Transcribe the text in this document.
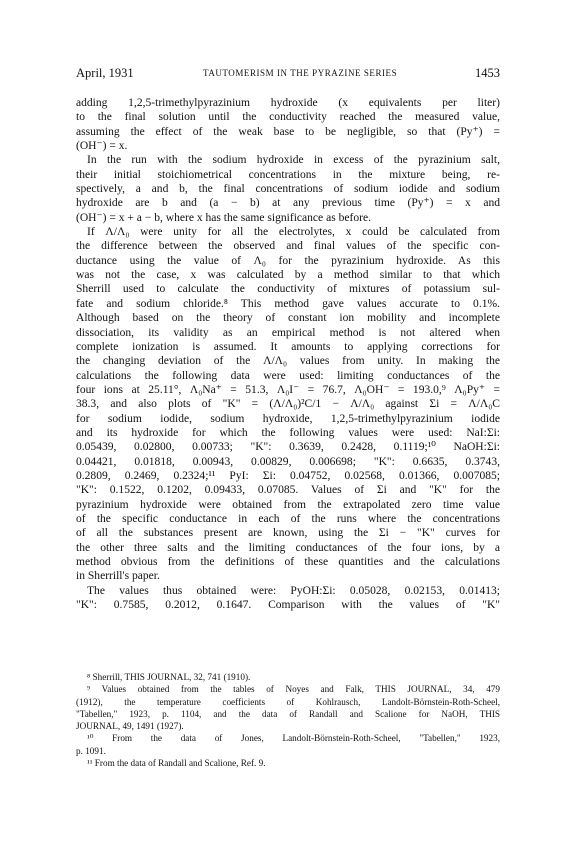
April, 1931	TAUTOMERISM IN THE PYRAZINE SERIES	1453
adding 1,2,5-trimethylpyrazinium hydroxide (x equivalents per liter)
to the final solution until the conductivity reached the measured value,
assuming the effect of the weak base to be negligible, so that (Py⁺) =
(OH⁻) = x.
In the run with the sodium hydroxide in excess of the pyrazinium salt,
their initial stoichiometrical concentrations in the mixture being, re-
spectively, a and b, the final concentrations of sodium iodide and sodium
hydroxide are b and (a − b) at any previous time (Py⁺) = x and
(OH⁻) = x + a − b, where x has the same significance as before.
If Λ/Λ₀ were unity for all the electrolytes, x could be calculated from
the difference between the observed and final values of the specific con-
ductance using the value of Λ₀ for the pyrazinium hydroxide. As this
was not the case, x was calculated by a method similar to that which
Sherrill used to calculate the conductivity of mixtures of potassium sul-
fate and sodium chloride.⁸ This method gave values accurate to 0.1%.
Although based on the theory of constant ion mobility and incomplete
dissociation, its validity as an empirical method is not altered when
complete ionization is assumed. It amounts to applying corrections for
the changing deviation of the Λ/Λ₀ values from unity. In making the
calculations the following data were used: limiting conductances of the
four ions at 25.11°, Λ₀Na⁺ = 51.3, Λ₀I⁻ = 76.7, Λ₀OH⁻ = 193.0,⁹ Λ₀Py⁺ =
38.3, and also plots of "K" = (Λ/Λ₀)²C/1 − Λ/Λ₀ against Σi = Λ/Λ₀C
for sodium iodide, sodium hydroxide, 1,2,5-trimethylpyrazinium iodide
and its hydroxide for which the following values were used: NaI:Σi:
0.05439, 0.02800, 0.00733; "K": 0.3639, 0.2428, 0.1119;¹⁰ NaOH:Σi:
0.04421, 0.01818, 0.00943, 0.00829, 0.006698; "K": 0.6635, 0.3743,
0.2809, 0.2469, 0.2324;¹¹ PyI: Σi: 0.04752, 0.02568, 0.01366, 0.007085;
"K": 0.1522, 0.1202, 0.09433, 0.07085. Values of Σi and "K" for the
pyrazinium hydroxide were obtained from the extrapolated zero time value
of the specific conductance in each of the runs where the concentrations
of all the substances present are known, using the Σi − "K" curves for
the other three salts and the limiting conductances of the four ions, by a
method obvious from the definitions of these quantities and the calculations
in Sherrill's paper.
The values thus obtained were: PyOH:Σi: 0.05028, 0.02153, 0.01413;
"K": 0.7585, 0.2012, 0.1647. Comparison with the values of "K"
⁸ Sherrill, THIS JOURNAL, 32, 741 (1910).
⁹ Values obtained from the tables of Noyes and Falk, THIS JOURNAL, 34, 479
(1912), the temperature coefficients of Kohlrausch, Landolt-Börnstein-Roth-Scheel,
"Tabellen," 1923, p. 1104, and the data of Randall and Scalione for NaOH, THIS
JOURNAL, 49, 1491 (1927).
¹⁰ From the data of Jones, Landolt-Börnstein-Roth-Scheel, "Tabellen," 1923,
p. 1091.
¹¹ From the data of Randall and Scalione, Ref. 9.
